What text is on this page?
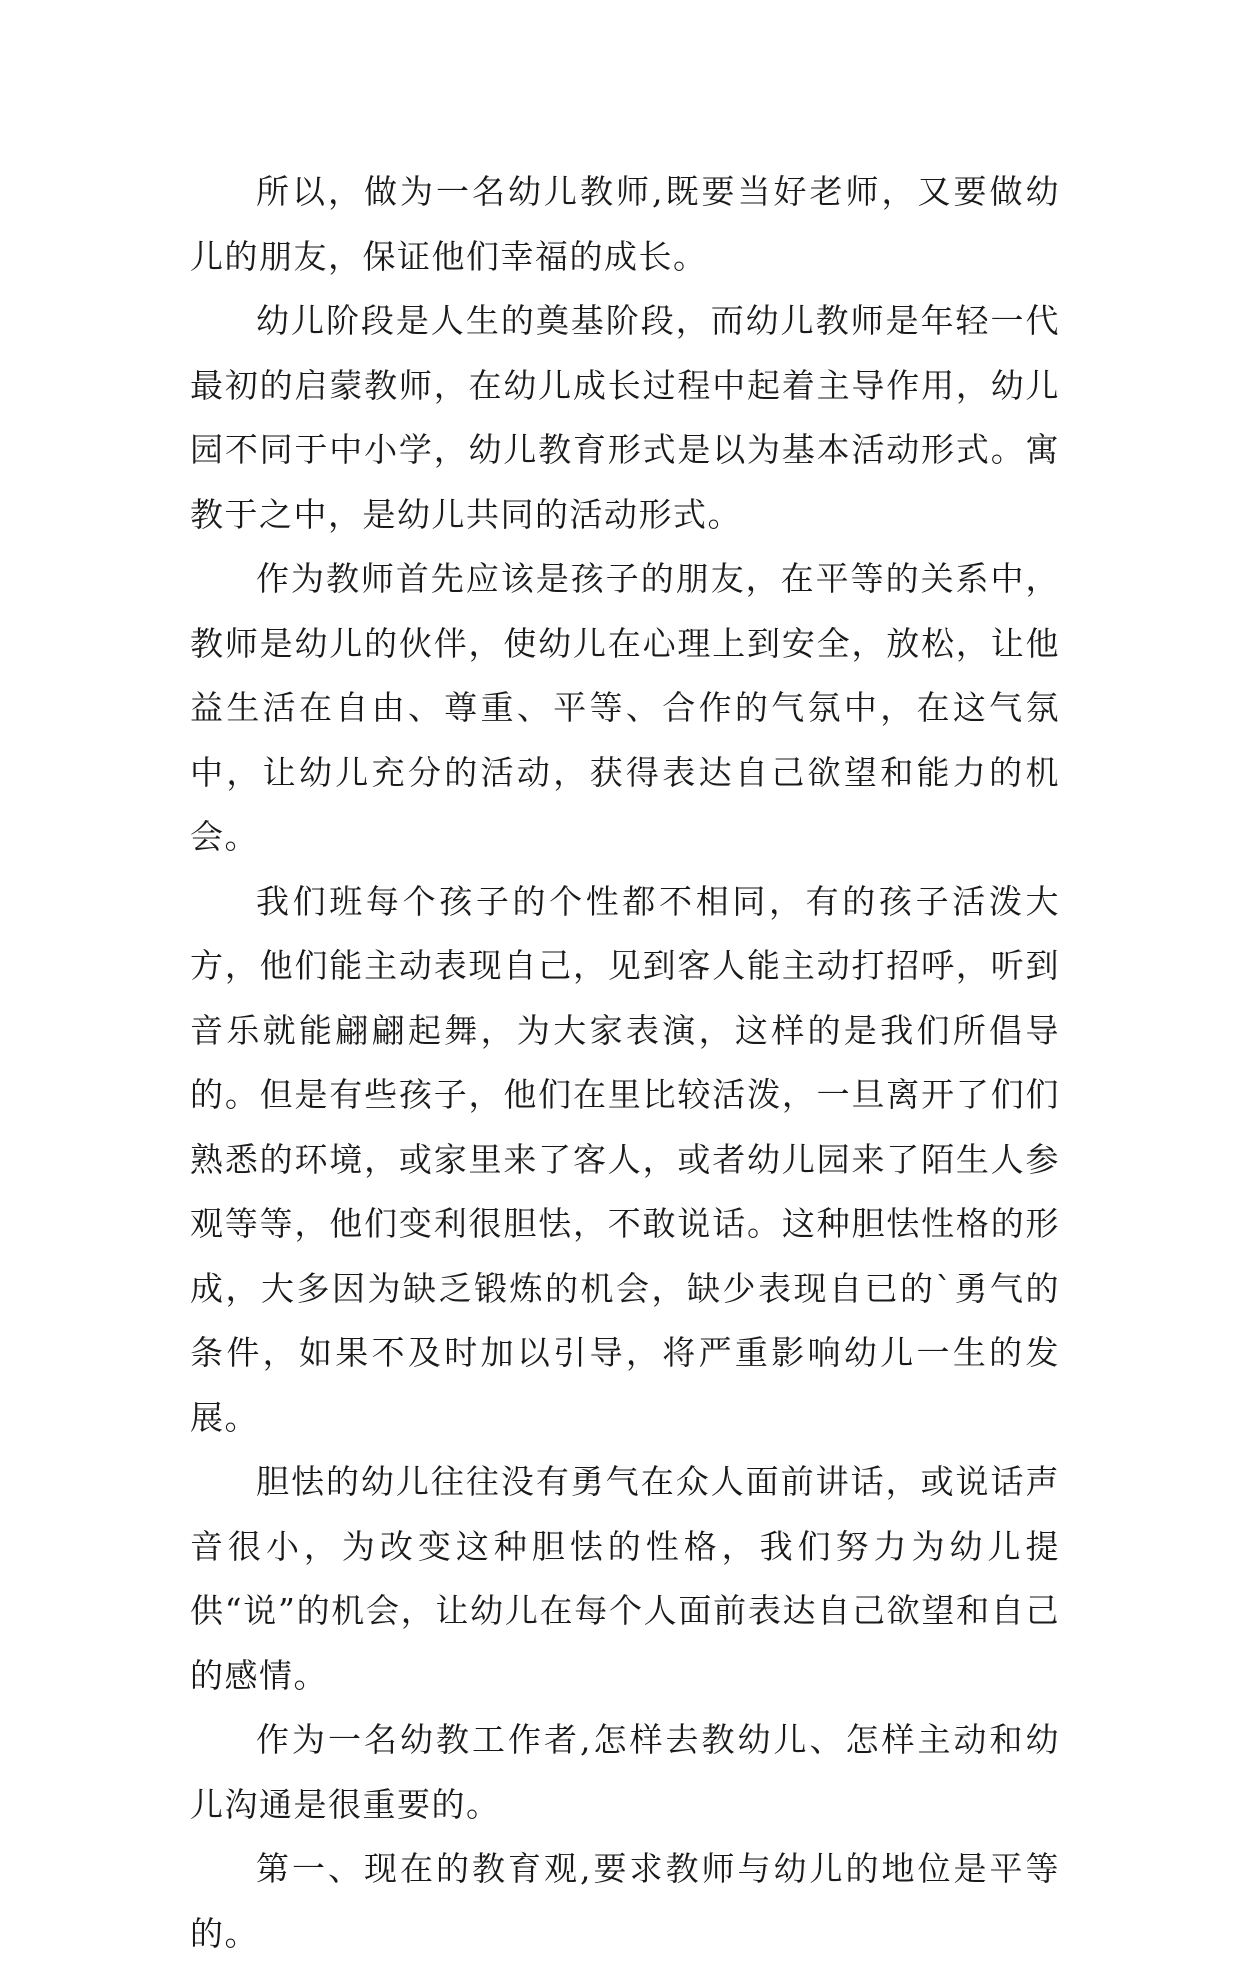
所以，做为一名幼儿教师,既要当好老师，又要做幼儿的朋友，保证他们幸福的成长。

幼儿阶段是人生的奠基阶段，而幼儿教师是年轻一代最初的启蒙教师，在幼儿成长过程中起着主导作用，幼儿园不同于中小学，幼儿教育形式是以为基本活动形式。寓教于之中，是幼儿共同的活动形式。

作为教师首先应该是孩子的朋友，在平等的关系中，教师是幼儿的伙伴，使幼儿在心理上到安全，放松，让他益生活在自由、尊重、平等、合作的气氛中，在这气氛中，让幼儿充分的活动，获得表达自己欲望和能力的机会。

我们班每个孩子的个性都不相同，有的孩子活泼大方，他们能主动表现自己，见到客人能主动打招呼，听到音乐就能翩翩起舞，为大家表演，这样的是我们所倡导的。但是有些孩子，他们在里比较活泼，一旦离开了们们熟悉的环境，或家里来了客人，或者幼儿园来了陌生人参观等等，他们变利很胆怯，不敢说话。这种胆怯性格的形成，大多因为缺乏锻炼的机会，缺少表现自已的`勇气的条件，如果不及时加以引导，将严重影响幼儿一生的发展。

胆怯的幼儿往往没有勇气在众人面前讲话，或说话声音很小，为改变这种胆怯的性格，我们努力为幼儿提供“说”的机会，让幼儿在每个人面前表达自己欲望和自己的感情。

作为一名幼教工作者,怎样去教幼儿、怎样主动和幼儿沟通是很重要的。

第一、现在的教育观,要求教师与幼儿的地位是平等的。
